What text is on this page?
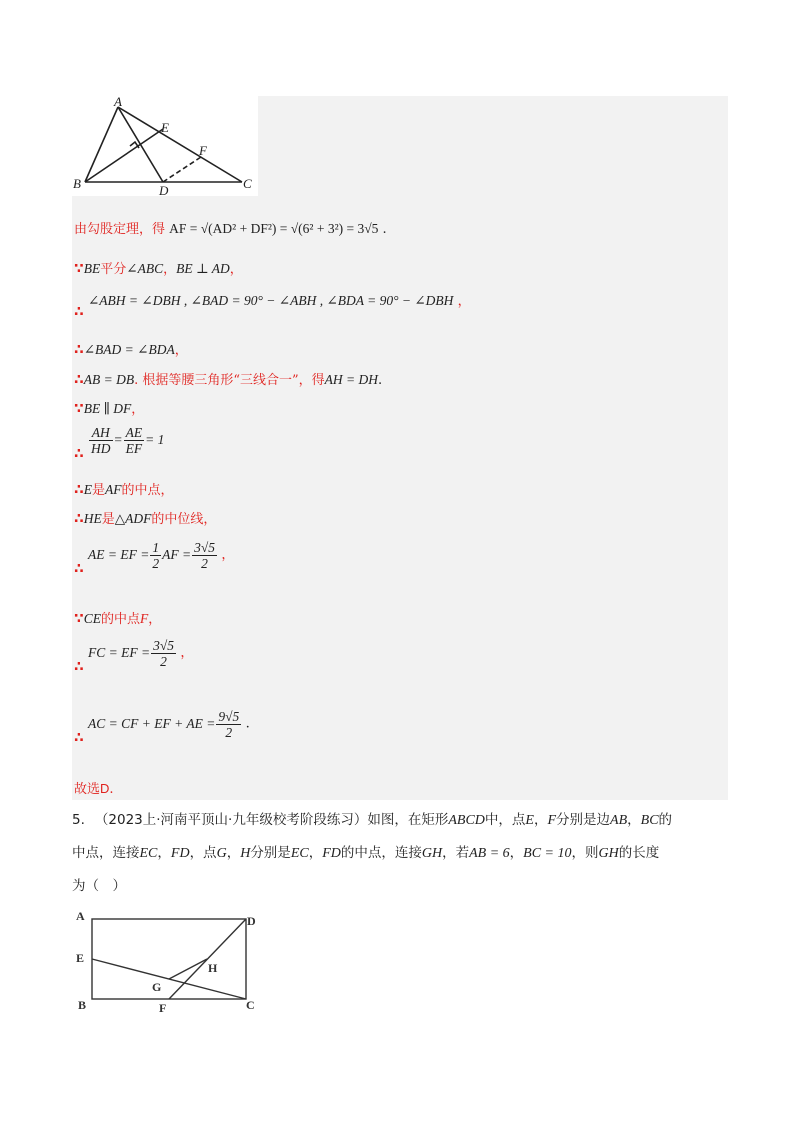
A
E
F
B	D	C
由勾股定理，得 AF = √(AD² + DF²) = √(6² + 3²) = 3√5 .
∵BE平分∠ABC，BE ⊥ AD，
∠ABH = ∠DBH , ∠BAD = 90° − ∠ABH , ∠BDA = 90° − ∠DBH ，
∴
∴∠BAD = ∠BDA，
∴AB = DB. 根据等腰三角形“三线合一”，得AH = DH.
∵BE ∥ DF，
$\frac{AH}{HD} = \frac{AE}{EF} = 1$
∴
∴E是AF的中点，
∴HE是△ADF的中位线，
AE = EF = $\frac{1}{2}$ AF = $\frac{3√5}{2}$ ，
∴
∵CE的中点F，
FC = EF = $\frac{3√5}{2}$ ，
∴
AC = CF + EF + AE = $\frac{9√5}{2}$ .
∴
故选D.
5. （2023上·河南平顶山·九年级校考阶段练习）如图，在矩形ABCD中，点E，F分别是边AB，BC的
中点，连接EC，FD，点G，H分别是EC，FD的中点，连接GH，若AB = 6，BC = 10，则GH的长度
为（　）
A	D
E
H
G
B	F	C
